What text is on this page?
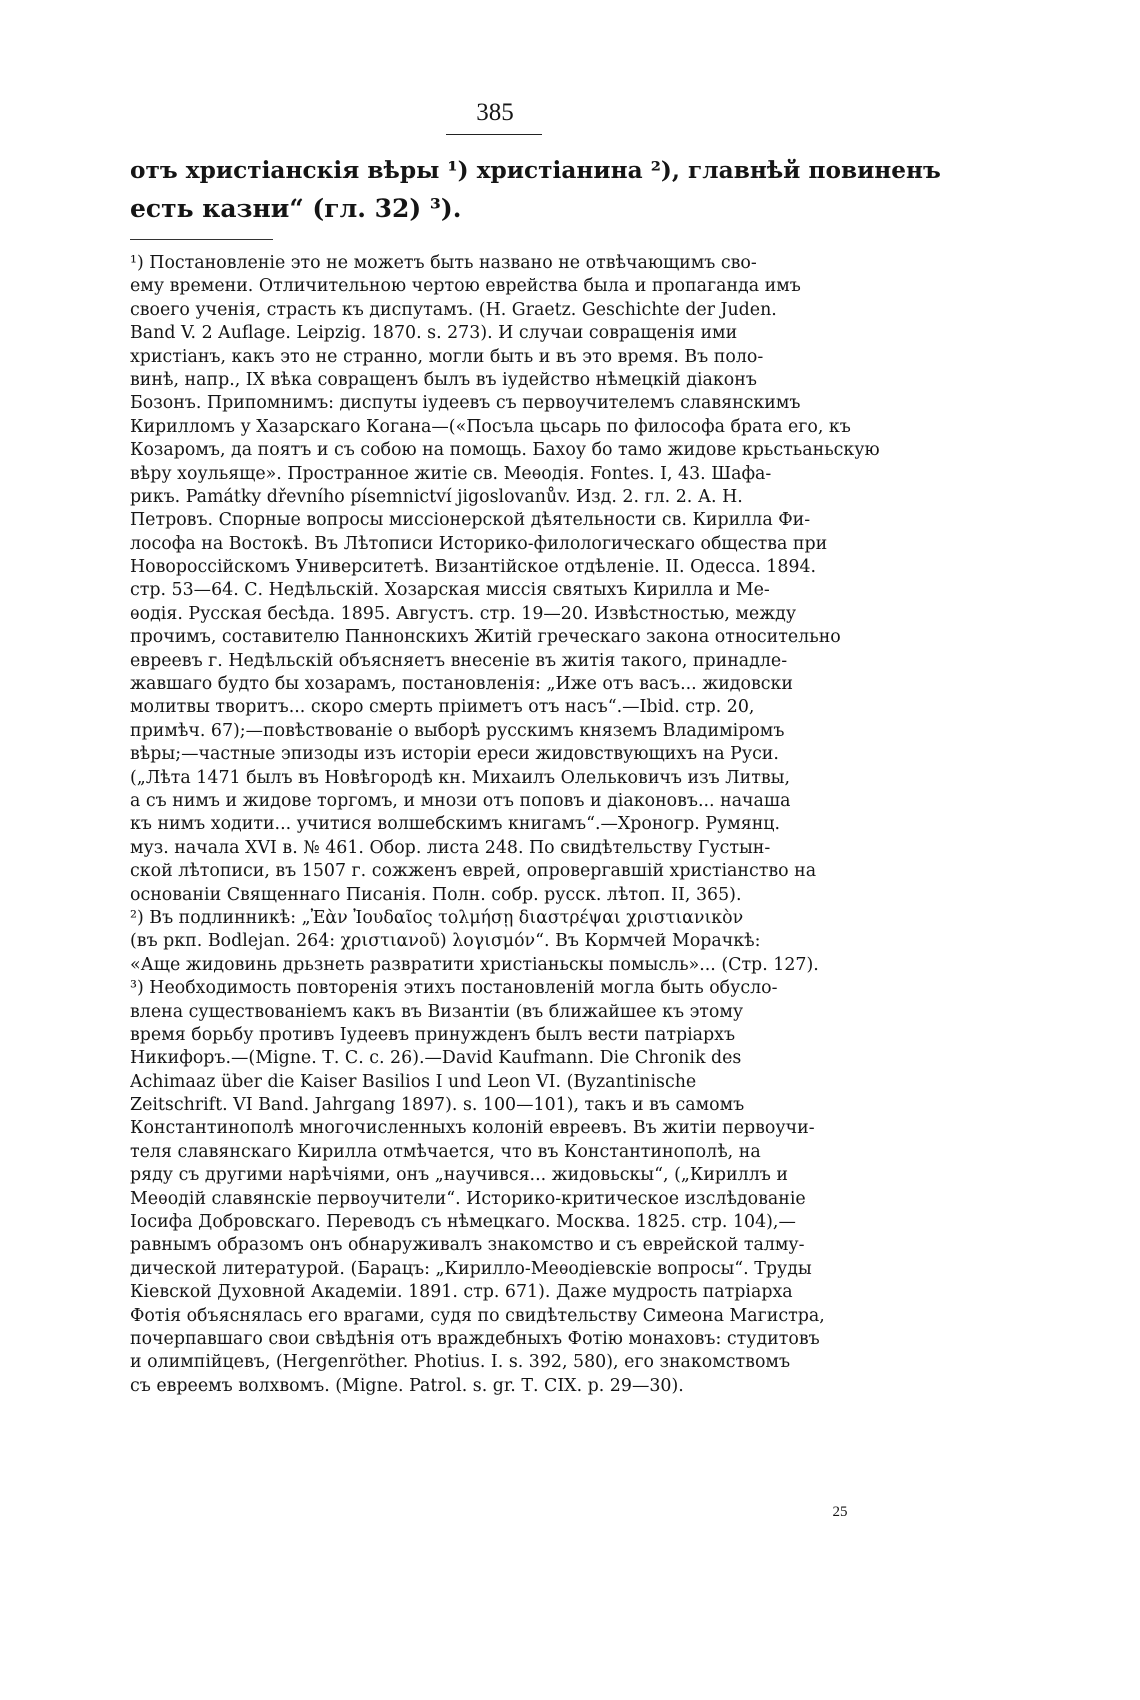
385
отъ христіанскія вѣры ¹) христіанина ²), главнѣй повиненъ
есть казни“ (гл. 32) ³).
¹) Постановленіе это не можетъ быть названо не отвѣчающимъ сво-
ему времени. Отличительною чертою еврейства была и пропаганда имъ
своего ученія, страсть къ диспутамъ. (Н. Graetz. Geschichte der Juden.
Band V. 2 Auflage. Leipzig. 1870. s. 273). И случаи совращенія ими
христіанъ, какъ это не странно, могли быть и въ это время. Въ поло-
винѣ, напр., IX вѣка совращенъ былъ въ іудейство нѣмецкій діаконъ
Бозонъ. Припомнимъ: диспуты іудеевъ съ первоучителемъ славянскимъ
Кирилломъ у Хазарскаго Когана—(«Посъла цьсарь по философа брата его, къ
Козаромъ, да поятъ и съ собою на помощь. Бахоу бо тамо жидове крьстьаньскую
вѣру хоульяще». Пространное житіе св. Меѳодія. Fontes. I, 43. Шафа-
рикъ. Památky dřevního písemnictví jigoslovanův. Изд. 2. гл. 2. А. Н.
Петровъ. Спорные вопросы миссіонерской дѣятельности св. Кирилла Фи-
лософа на Востокѣ. Въ Лѣтописи Историко-филологическаго общества при
Новороссійскомъ Университетѣ. Византійское отдѣленіе. II. Одесса. 1894.
стр. 53—64. С. Недѣльскій. Хозарская миссія святыхъ Кирилла и Ме-
ѳодія. Русская бесѣда. 1895. Августъ. стр. 19—20. Извѣстностью, между
прочимъ, составителю Паннонскихъ Житій греческаго закона относительно
евреевъ г. Недѣльскій объясняетъ внесеніе въ житія такого, принадле-
жавшаго будто бы хозарамъ, постановленія: „Иже отъ васъ... жидовски
молитвы творитъ... скоро смерть пріиметъ отъ насъ“.—Ibid. стр. 20,
примѣч. 67);—повѣствованіе о выборѣ русскимъ княземъ Владиміромъ
вѣры;—частные эпизоды изъ исторіи ереси жидовствующихъ на Руси.
(„Лѣта 1471 былъ въ Новѣгородѣ кн. Михаилъ Олельковичъ изъ Литвы,
а съ нимъ и жидове торгомъ, и мнози отъ поповъ и діаконовъ... начаша
къ нимъ ходити... учитися волшебскимъ книгамъ“.—Хроногр. Румянц.
муз. начала XVI в. № 461. Обор. листа 248. По свидѣтельству Густын-
ской лѣтописи, въ 1507 г. сожженъ еврей, опровергавшій христіанство на
основаніи Священнаго Писанія. Полн. собр. русск. лѣтоп. II, 365).
²) Въ подлинникѣ: „Ἐὰν Ἰουδαῖος τολμήσῃ διαστρέψαι χριστιανικὸν
(въ ркп. Bodlejan. 264: χριστιανοῦ) λογισμόν“. Въ Кормчей Морачкѣ:
«Аще жидовинь дрьзнеть развратити христіаньскы помысль»... (Стр. 127).
³) Необходимость повторенія этихъ постановленій могла быть обусло-
влена существованіемъ какъ въ Византіи (въ ближайшее къ этому
время борьбу противъ Іудеевъ принужденъ былъ вести патріархъ
Никифоръ.—(Migne. Т. С. с. 26).—David Kaufmann. Die Chronik des
Achimaaz über die Kaiser Basilios I und Leon VI. (Byzantinische
Zeitschrift. VI Band. Jahrgang 1897). s. 100—101), такъ и въ самомъ
Константинополѣ многочисленныхъ колоній евреевъ. Въ житіи первоучи-
теля славянскаго Кирилла отмѣчается, что въ Константинополѣ, на
ряду съ другими нарѣчіями, онъ „научився... жидовьскы“, („Кириллъ и
Меѳодій славянскіе первоучители“. Историко-критическое изслѣдованіе
Іосифа Добровскаго. Переводъ съ нѣмецкаго. Москва. 1825. стр. 104),—
равнымъ образомъ онъ обнаруживалъ знакомство и съ еврейской талму-
дической литературой. (Барацъ: „Кирилло-Меѳодіевскіе вопросы“. Труды
Кіевской Духовной Академіи. 1891. стр. 671). Даже мудрость патріарха
Фотія объяснялась его врагами, судя по свидѣтельству Симеона Магистра,
почерпавшаго свои свѣдѣнія отъ враждебныхъ Фотію монаховъ: студитовъ
и олимпійцевъ, (Hergenröther. Photius. I. s. 392, 580), его знакомствомъ
съ евреемъ волхвомъ. (Migne. Patrol. s. gr. Т. CIX. p. 29—30).
25
